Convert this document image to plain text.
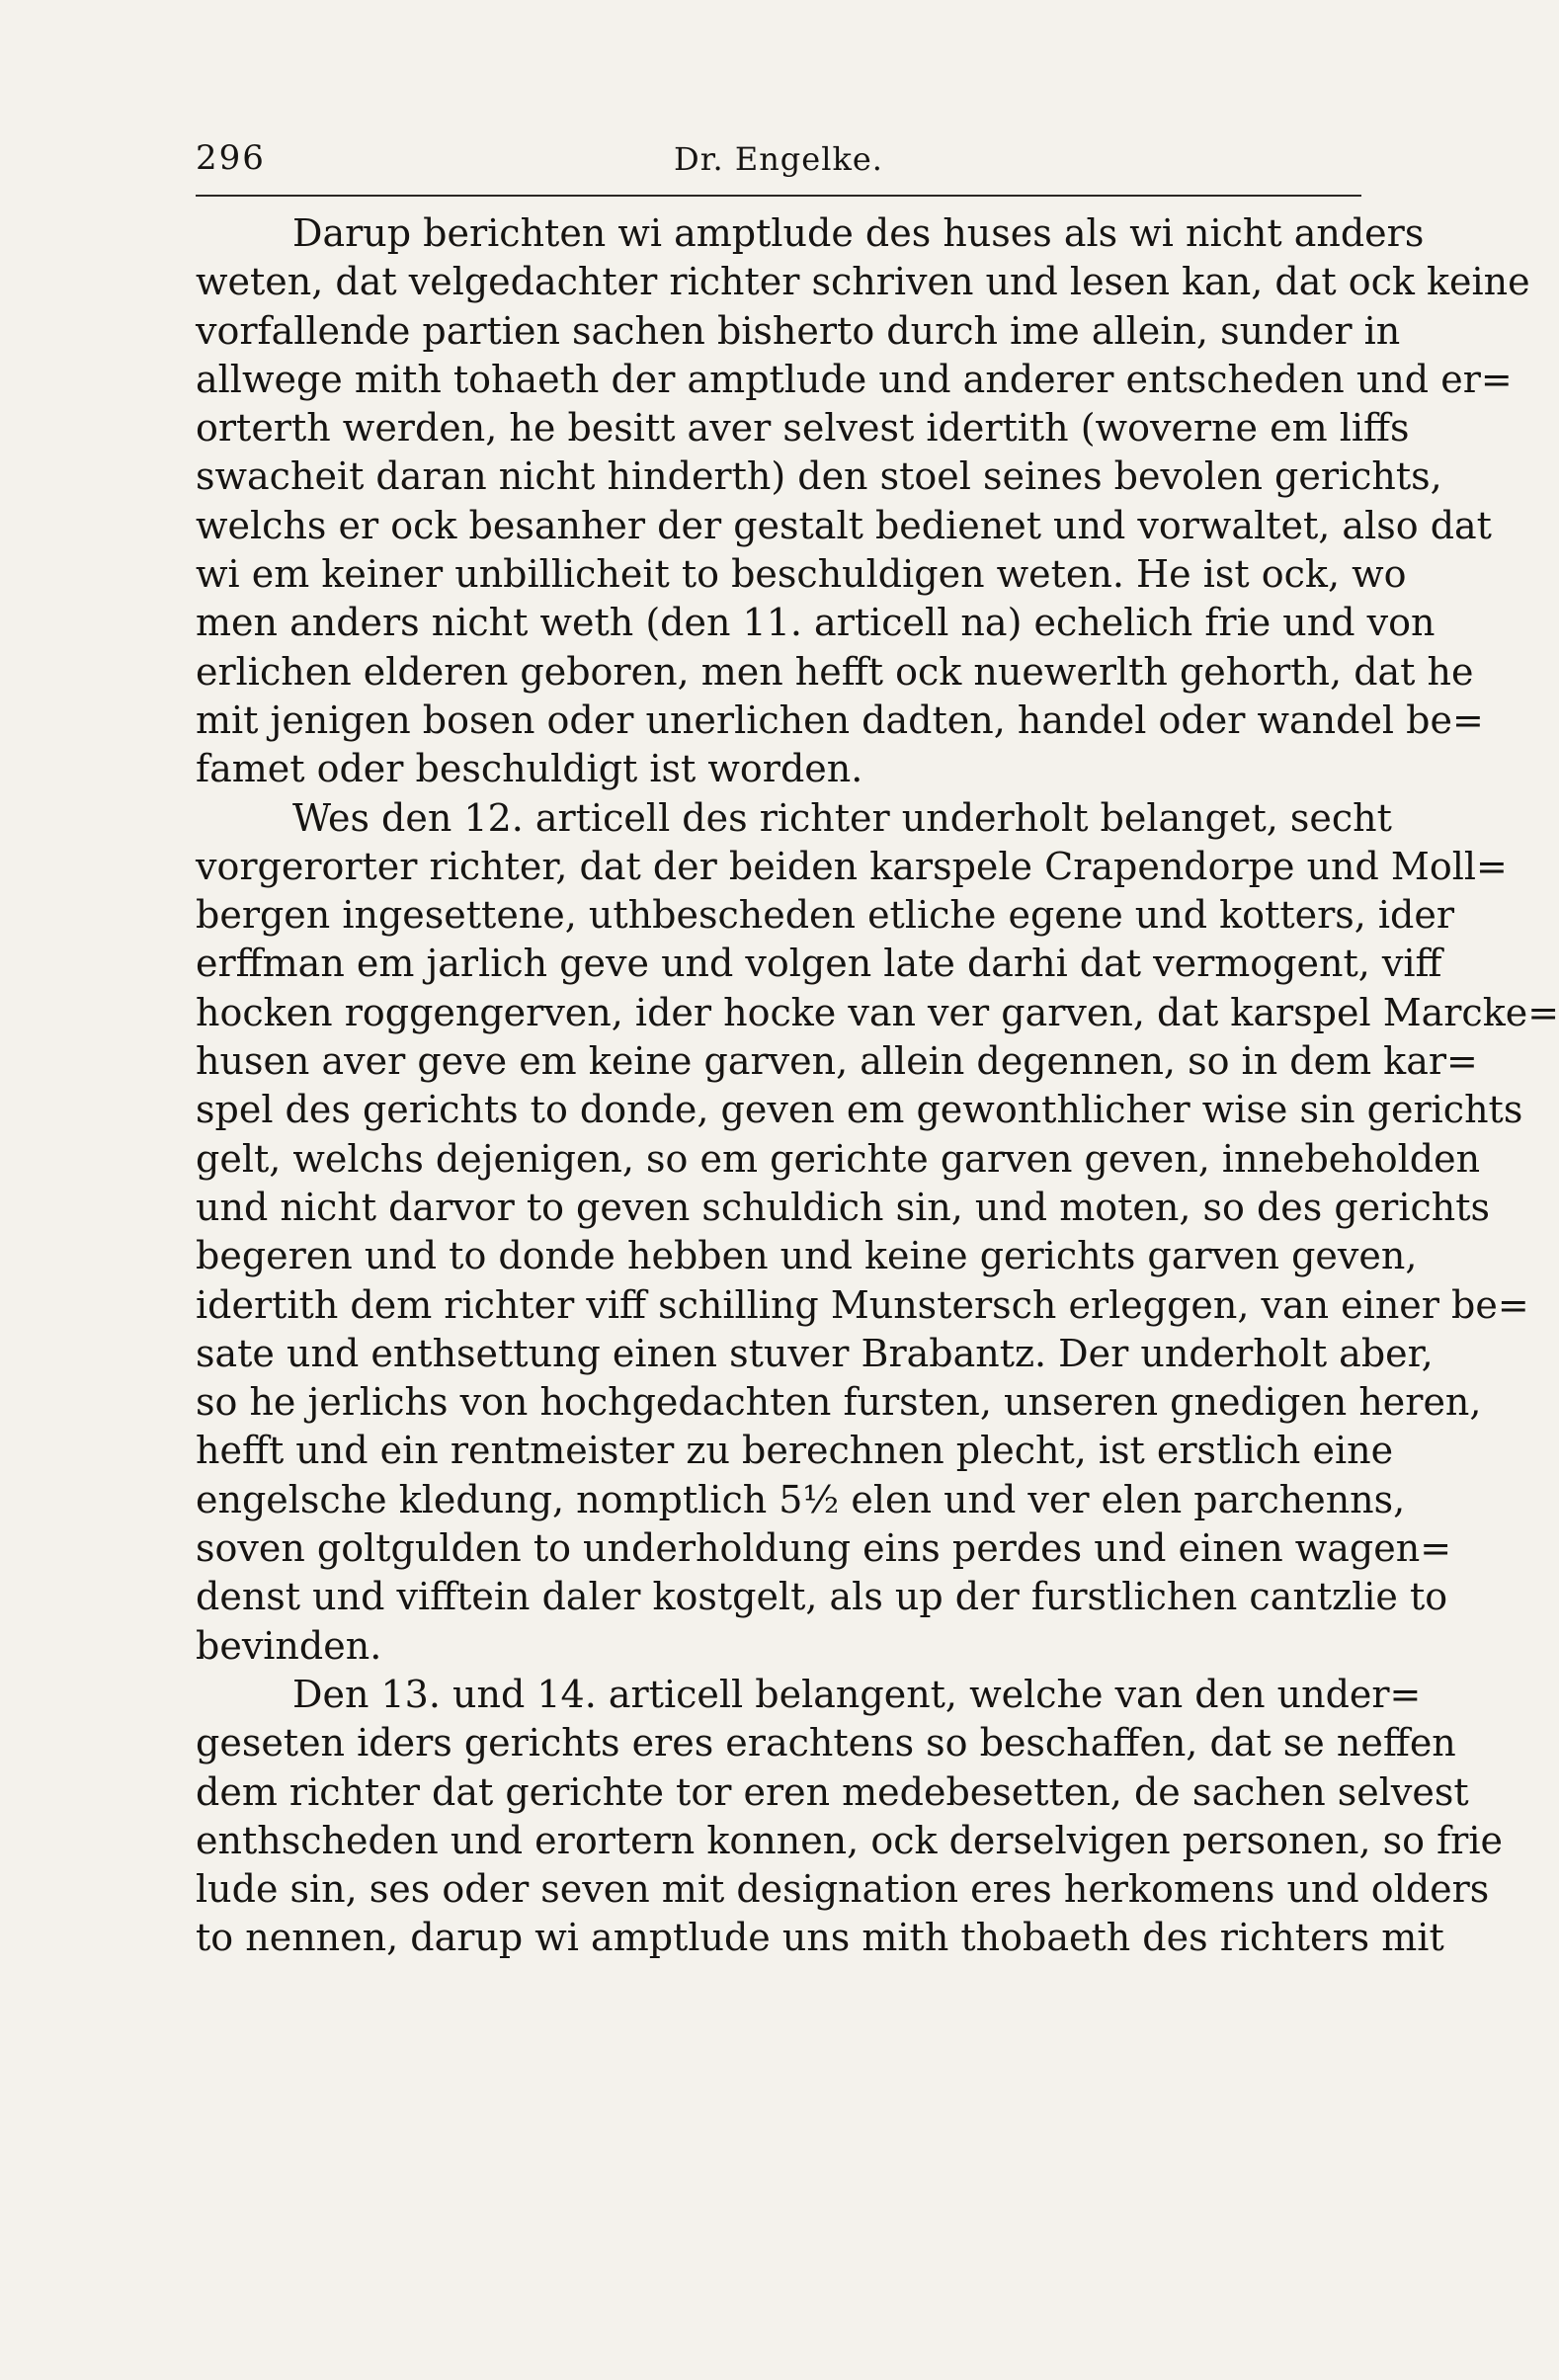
296	Dr. Engelke.
Darup berichten wi amptlude des huses als wi nicht anders
weten, dat velgedachter richter schriven und lesen kan, dat ock keine
vorfallende partien sachen bisherto durch ime allein, sunder in
allwege mith tohaeth der amptlude und anderer entscheden und er=
orterth werden, he besitt aver selvest idertith (woverne em liffs
swacheit daran nicht hinderth) den stoel seines bevolen gerichts,
welchs er ock besanher der gestalt bedienet und vorwaltet, also dat
wi em keiner unbillicheit to beschuldigen weten. He ist ock, wo
men anders nicht weth (den 11. articell na) echelich frie und von
erlichen elderen geboren, men hefft ock nuewerlth gehorth, dat he
mit jenigen bosen oder unerlichen dadten, handel oder wandel be=
famet oder beschuldigt ist worden.
Wes den 12. articell des richter underholt belanget, secht
vorgerorter richter, dat der beiden karspele Crapendorpe und Moll=
bergen ingesettene, uthbescheden etliche egene und kotters, ider
erffman em jarlich geve und volgen late darhi dat vermogent, viff
hocken roggengerven, ider hocke van ver garven, dat karspel Marcke=
husen aver geve em keine garven, allein degennen, so in dem kar=
spel des gerichts to donde, geven em gewonthlicher wise sin gerichts
gelt, welchs dejenigen, so em gerichte garven geven, innebeholden
und nicht darvor to geven schuldich sin, und moten, so des gerichts
begeren und to donde hebben und keine gerichts garven geven,
idertith dem richter viff schilling Munstersch erleggen, van einer be=
sate und enthsettung einen stuver Brabantz. Der underholt aber,
so he jerlichs von hochgedachten fursten, unseren gnedigen heren,
hefft und ein rentmeister zu berechnen plecht, ist erstlich eine
engelsche kledung, nomptlich 5½ elen und ver elen parchenns,
soven goltgulden to underholdung eins perdes und einen wagen=
denst und vifftein daler kostgelt, als up der furstlichen cantzlie to
bevinden.
Den 13. und 14. articell belangent, welche van den under=
geseten iders gerichts eres erachtens so beschaffen, dat se neffen
dem richter dat gerichte tor eren medebesetten, de sachen selvest
enthscheden und erortern konnen, ock derselvigen personen, so frie
lude sin, ses oder seven mit designation eres herkomens und olders
to nennen, darup wi amptlude uns mith thobaeth des richters mit
